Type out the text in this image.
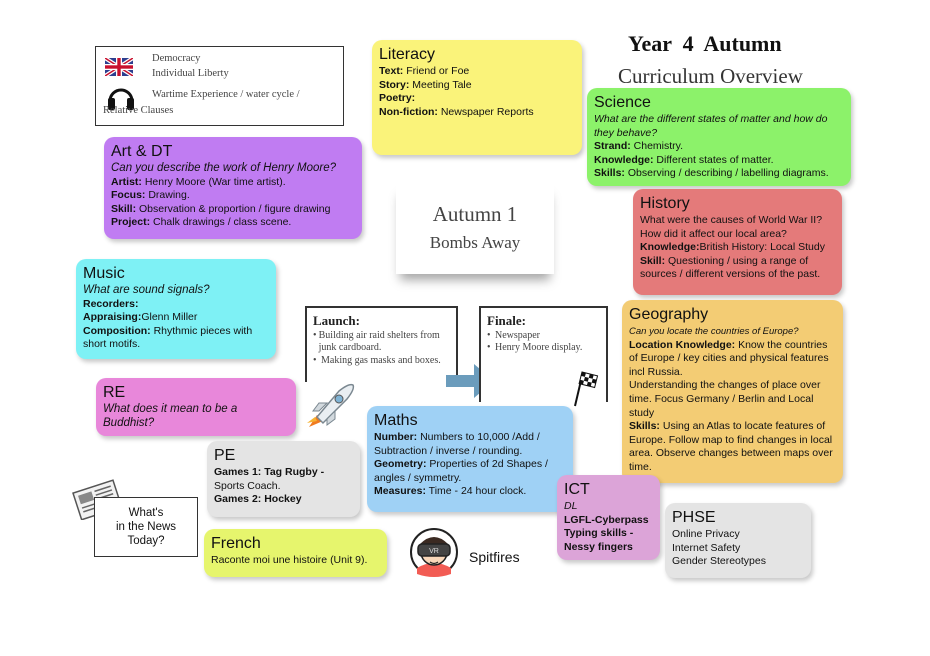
Year  4  Autumn
Curriculum Overview
Democracy
Individual Liberty
Wartime Experience / water cycle /
Relative Clauses
Literacy
Text: Friend or Foe
Story: Meeting Tale
Poetry:
Non-fiction: Newspaper Reports
Science
What are the different states of matter and how do they behave?
Strand: Chemistry.
Knowledge: Different states of matter.
Skills: Observing / describing / labelling diagrams.
Art & DT
Can you describe the work of Henry Moore?
Artist: Henry Moore (War time artist).
Focus: Drawing.
Skill: Observation & proportion / figure drawing
Project: Chalk drawings / class scene.	Autumn 1
Bombs Away
History
What were the causes of World War II?
How did it affect our local area?
Knowledge:British History: Local Study
Skill: Questioning / using a range of sources / different versions of the past.
Music
What are sound signals?
Recorders:
Appraising:Glenn Miller
Composition: Rhythmic pieces with short motifs.
Launch:
• Building air raid shelters from junk cardboard.
• Making gas masks and boxes.
Finale:
• Newspaper
• Henry Moore display.
Geography
Can you locate the countries of Europe?
Location Knowledge: Know the countries of Europe / key cities and physical features incl Russia.
Understanding the changes of place over time. Focus Germany / Berlin and Local study
Skills: Using an Atlas to locate features of Europe. Follow map to find changes in local area. Observe changes between maps over time.
RE
What does it mean to be a Buddhist?	Maths
Number: Numbers to 10,000 /Add / Subtraction / inverse / rounding.
Geometry: Properties of 2d Shapes / angles / symmetry.
Measures: Time - 24 hour clock.
PE
Games 1: Tag Rugby - Sports Coach.
Games 2: Hockey
ICT
DL
LGFL-Cyberpass
Typing skills -
Nessy fingers
PHSE
Online Privacy
Internet Safety
Gender Stereotypes
What's
in the News
Today?	French
Raconte moi une histoire (Unit 9).
VR Spitfires
